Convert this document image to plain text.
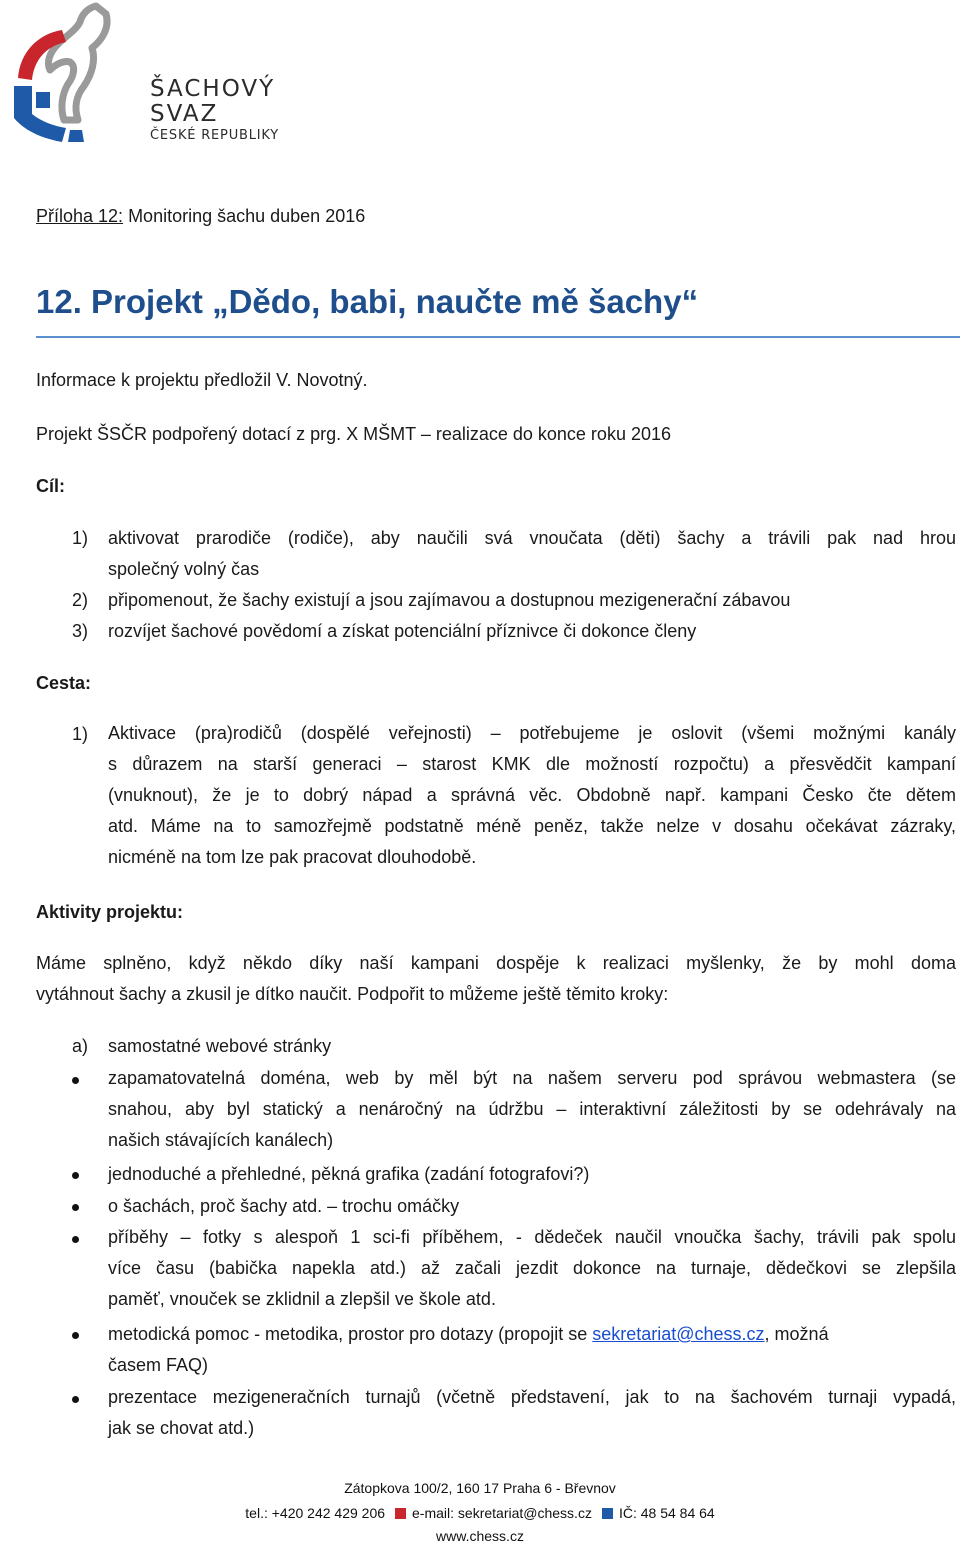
ŠACHOVÝ
SVAZ
ČESKÉ REPUBLIKY
Příloha 12: Monitoring šachu duben 2016
12. Projekt „Dědo, babi, naučte mě šachy“
Informace k projektu předložil V. Novotný.
Projekt ŠSČR podpořený dotací z prg. X MŠMT – realizace do konce roku 2016
Cíl:
1) aktivovat prarodiče (rodiče), aby naučili svá vnoučata (děti) šachy a trávili pak nad hrou
společný volný čas
2) připomenout, že šachy existují a jsou zajímavou a dostupnou mezigenerační zábavou
3) rozvíjet šachové povědomí a získat potenciální příznivce či dokonce členy
Cesta:
1) Aktivace (pra)rodičů (dospělé veřejnosti) – potřebujeme je oslovit (všemi možnými kanály
s důrazem na starší generaci – starost KMK dle možností rozpočtu) a přesvědčit kampaní
(vnuknout), že je to dobrý nápad a správná věc. Obdobně např. kampani Česko čte dětem
atd. Máme na to samozřejmě podstatně méně peněz, takže nelze v dosahu očekávat zázraky,
nicméně na tom lze pak pracovat dlouhodobě.
Aktivity projektu:
Máme splněno, když někdo díky naší kampani dospěje k realizaci myšlenky, že by mohl doma
vytáhnout šachy a zkusil je dítko naučit. Podpořit to můžeme ještě těmito kroky:
a) samostatné webové stránky
zapamatovatelná doména, web by měl být na našem serveru pod správou webmastera (se
snahou, aby byl statický a nenáročný na údržbu – interaktivní záležitosti by se odehrávaly na
našich stávajících kanálech)
jednoduché a přehledné, pěkná grafika (zadání fotografovi?)
o šachách, proč šachy atd. – trochu omáčky
příběhy – fotky s alespoň 1 sci-fi příběhem, - dědeček naučil vnoučka šachy, trávili pak spolu
více času (babička napekla atd.) až začali jezdit dokonce na turnaje, dědečkovi se zlepšila
paměť, vnouček se zklidnil a zlepšil ve škole atd.
metodická pomoc - metodika, prostor pro dotazy (propojit se sekretariat@chess.cz, možná
časem FAQ)
prezentace mezigeneračních turnajů (včetně představení, jak to na šachovém turnaji vypadá,
jak se chovat atd.)
Zátopkova 100/2, 160 17 Praha 6 - Břevnov
tel.: +420 242 429 206 e-mail: sekretariat@chess.cz IČ: 48 54 84 64
www.chess.cz
